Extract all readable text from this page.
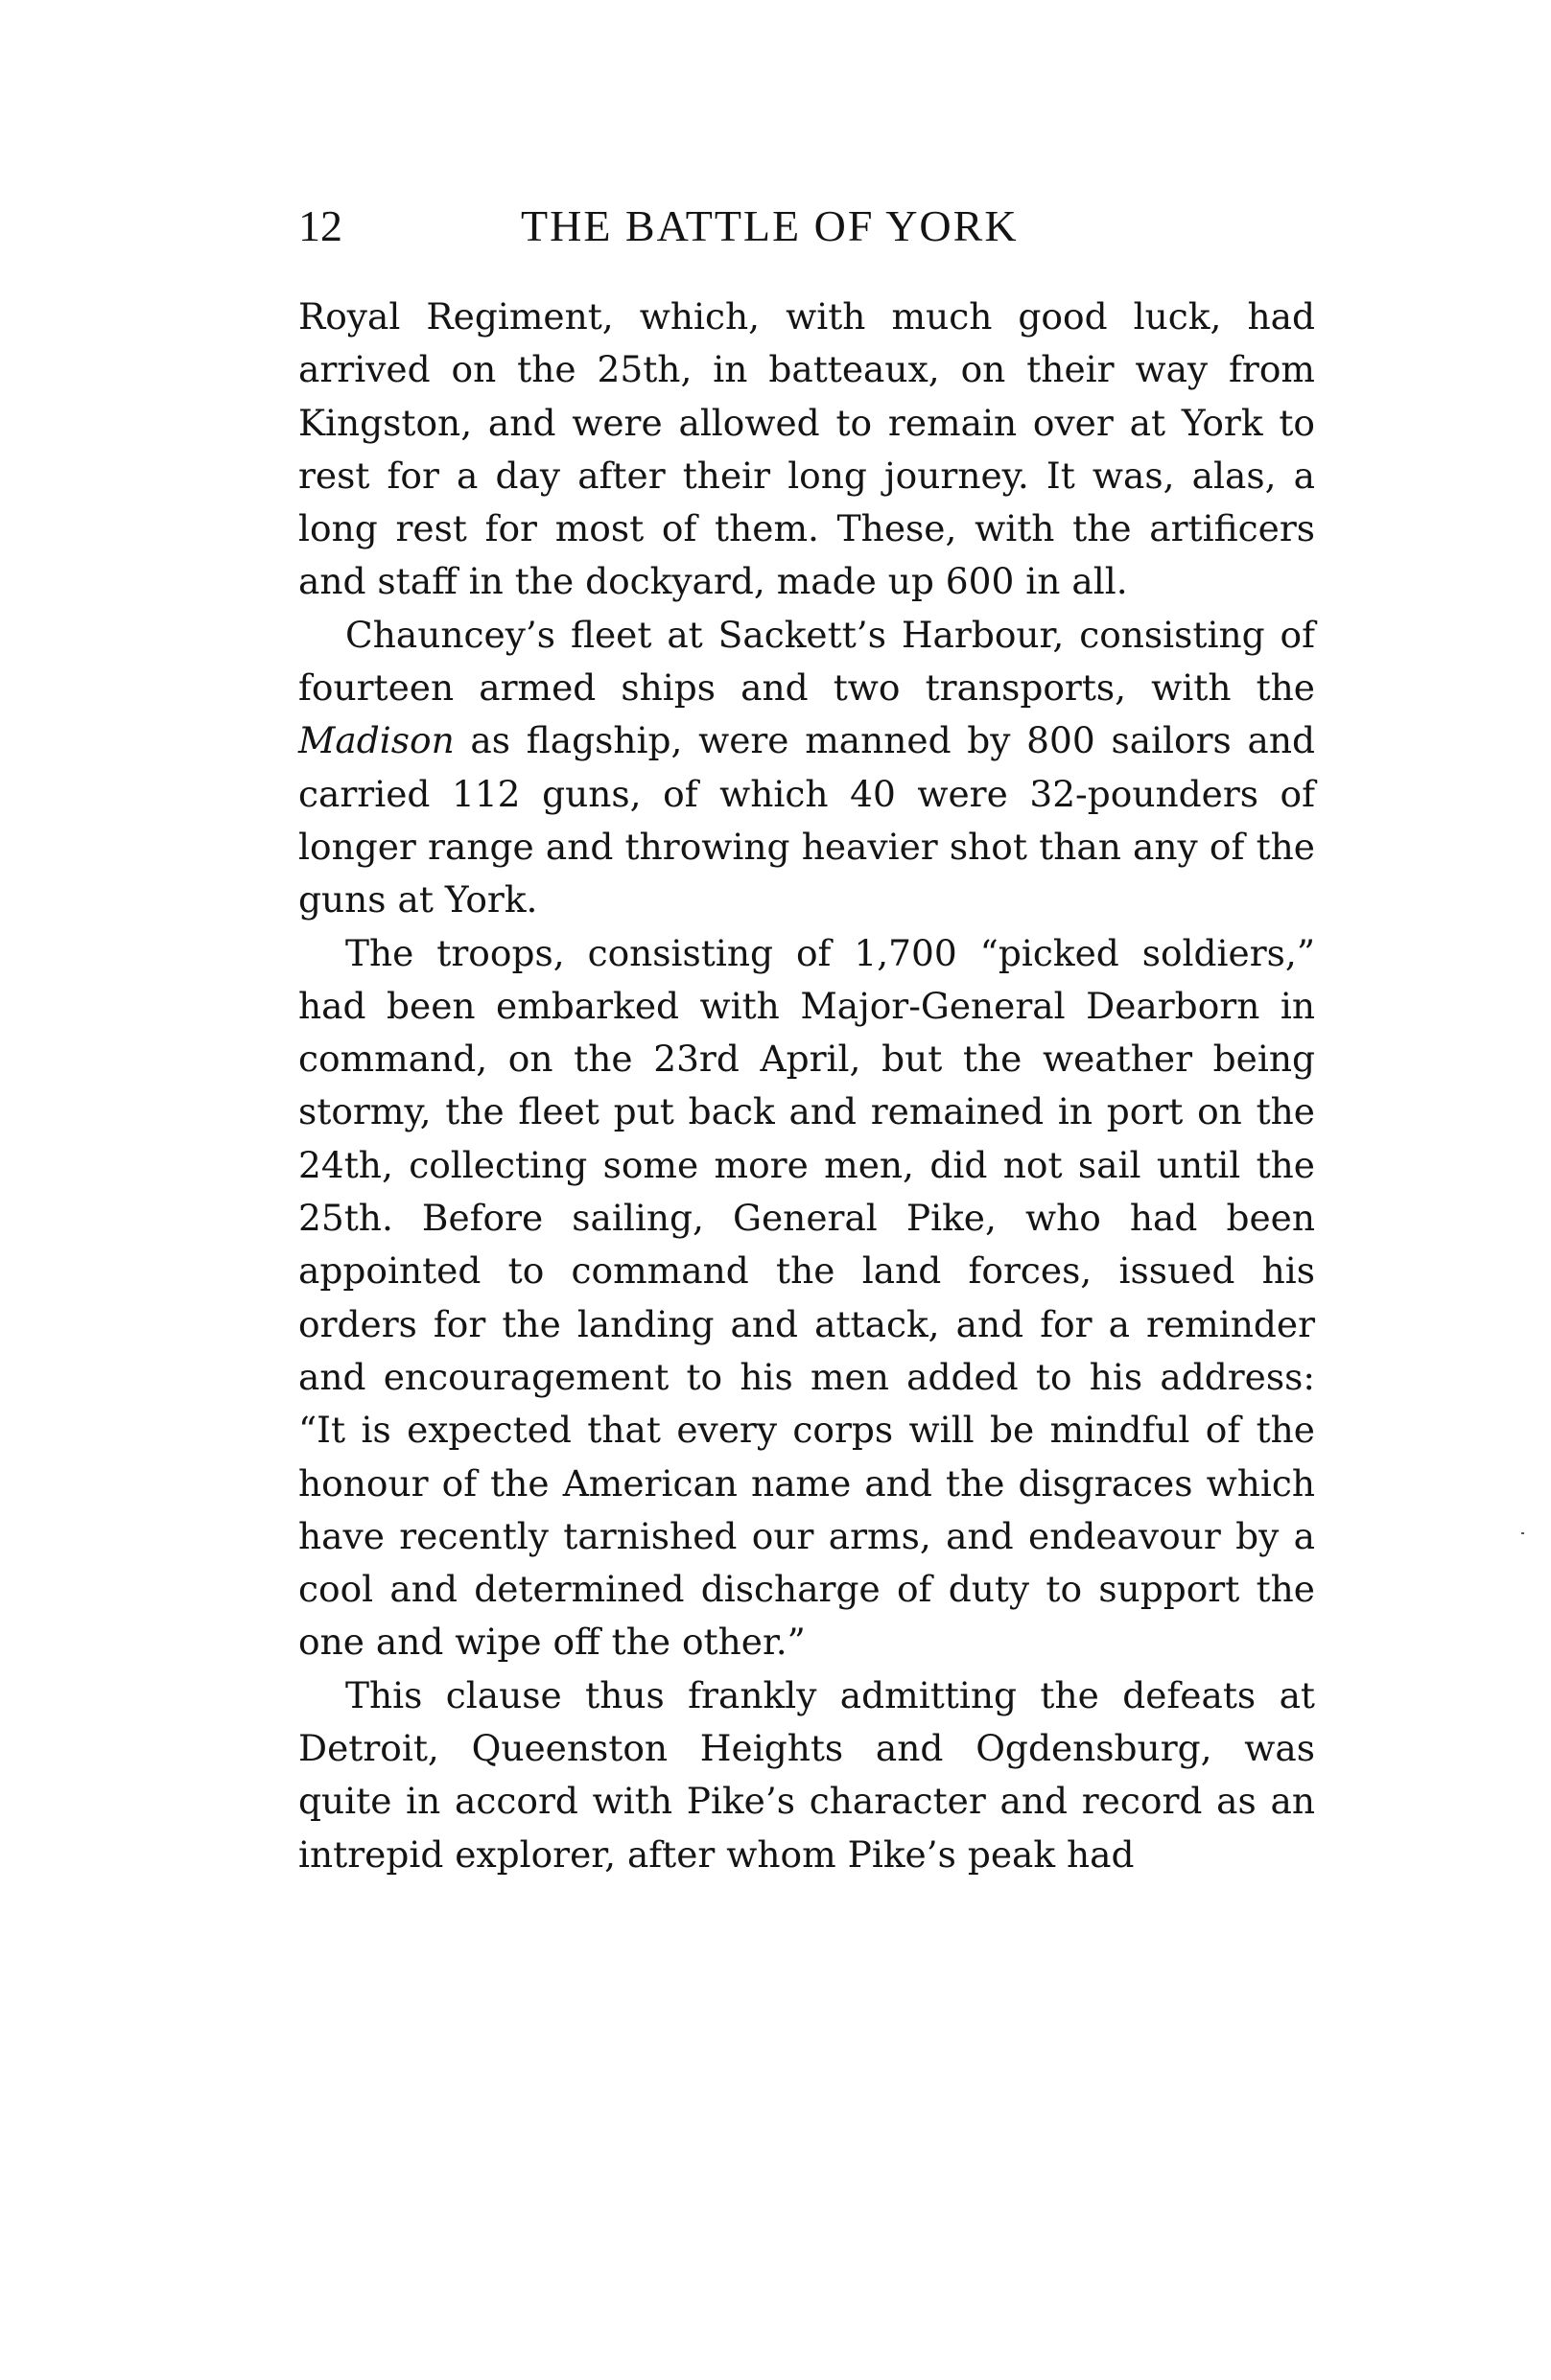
12	THE BATTLE OF YORK

Royal Regiment, which, with much good luck, had arrived on the 25th, in batteaux, on their way from Kingston, and were allowed to remain over at York to rest for a day after their long journey. It was, alas, a long rest for most of them. These, with the artificers and staff in the dockyard, made up 600 in all.

Chauncey’s fleet at Sackett’s Harbour, consisting of fourteen armed ships and two transports, with the Madison as flagship, were manned by 800 sailors and carried 112 guns, of which 40 were 32-pounders of longer range and throwing heavier shot than any of the guns at York.

The troops, consisting of 1,700 “picked soldiers,” had been embarked with Major-General Dearborn in command, on the 23rd April, but the weather being stormy, the fleet put back and remained in port on the 24th, collecting some more men, did not sail until the 25th. Before sailing, General Pike, who had been appointed to command the land forces, issued his orders for the landing and attack, and for a reminder and encouragement to his men added to his address: “It is expected that every corps will be mindful of the honour of the American name and the disgraces which have recently tarnished our arms, and endeavour by a cool and determined discharge of duty to support the one and wipe off the other.”

This clause thus frankly admitting the defeats at Detroit, Queenston Heights and Ogdensburg, was quite in accord with Pike’s character and record as an intrepid explorer, after whom Pike’s peak had
